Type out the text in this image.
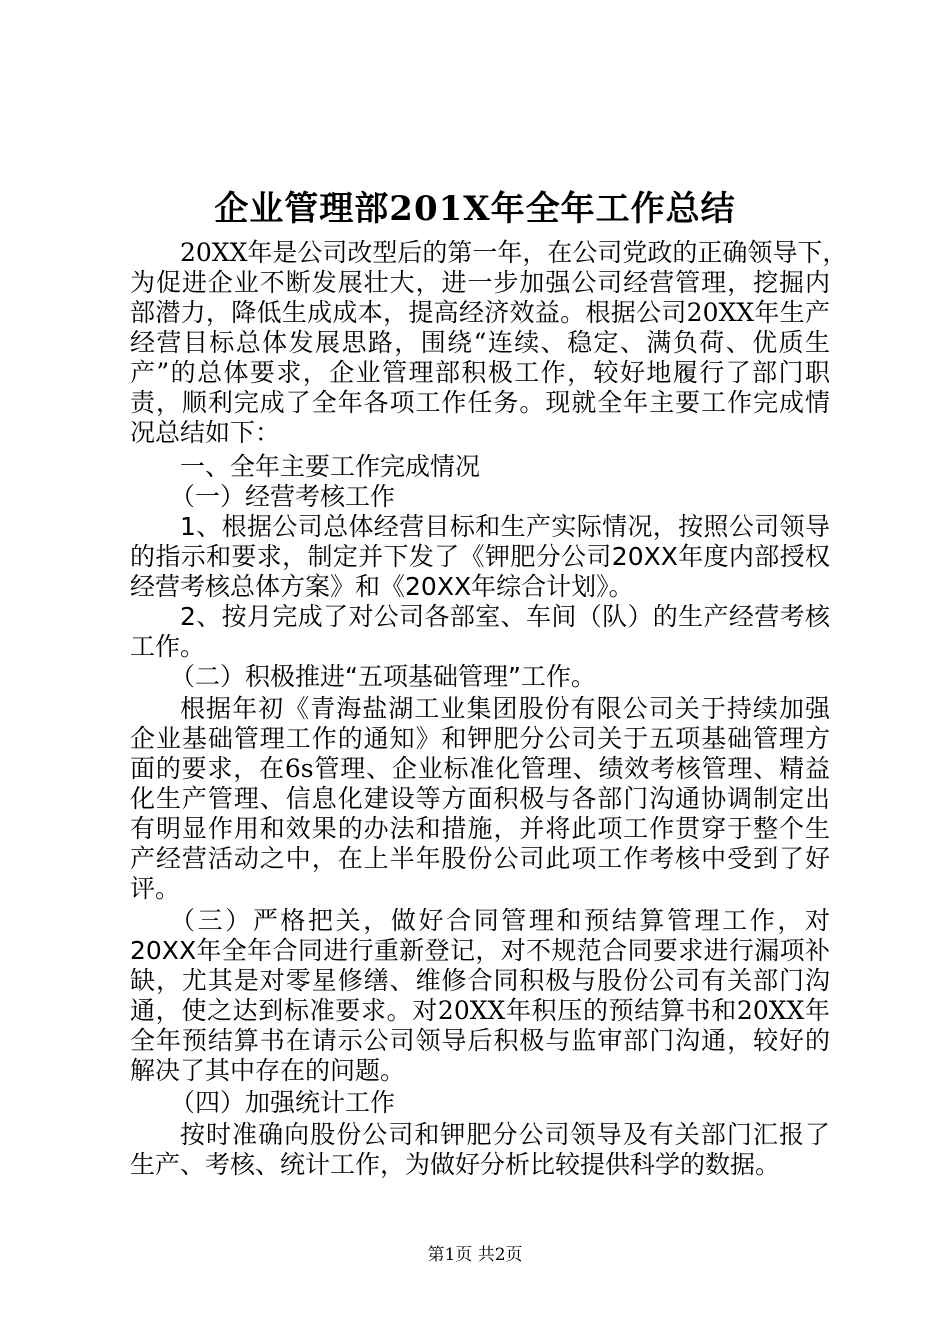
企业管理部201X年全年工作总结
20XX年是公司改型后的第一年，在公司党政的正确领导下，
为促进企业不断发展壮大，进一步加强公司经营管理，挖掘内
部潜力，降低生成成本，提高经济效益。根据公司20XX年生产
经营目标总体发展思路，围绕“连续、稳定、满负荷、优质生
产”的总体要求，企业管理部积极工作，较好地履行了部门职
责，顺利完成了全年各项工作任务。现就全年主要工作完成情
况总结如下：
一、全年主要工作完成情况
（一）经营考核工作
1、根据公司总体经营目标和生产实际情况，按照公司领导
的指示和要求，制定并下发了《钾肥分公司20XX年度内部授权
经营考核总体方案》和《20XX年综合计划》。
2、按月完成了对公司各部室、车间（队）的生产经营考核
工作。
（二）积极推进“五项基础管理”工作。
根据年初《青海盐湖工业集团股份有限公司关于持续加强
企业基础管理工作的通知》和钾肥分公司关于五项基础管理方
面的要求，在6s管理、企业标准化管理、绩效考核管理、精益
化生产管理、信息化建设等方面积极与各部门沟通协调制定出
有明显作用和效果的办法和措施，并将此项工作贯穿于整个生
产经营活动之中，在上半年股份公司此项工作考核中受到了好
评。
（三）严格把关，做好合同管理和预结算管理工作，对
20XX年全年合同进行重新登记，对不规范合同要求进行漏项补
缺，尤其是对零星修缮、维修合同积极与股份公司有关部门沟
通，使之达到标准要求。对20XX年积压的预结算书和20XX年
全年预结算书在请示公司领导后积极与监审部门沟通，较好的
解决了其中存在的问题。
（四）加强统计工作
按时准确向股份公司和钾肥分公司领导及有关部门汇报了
生产、考核、统计工作，为做好分析比较提供科学的数据。
第1页 共2页
